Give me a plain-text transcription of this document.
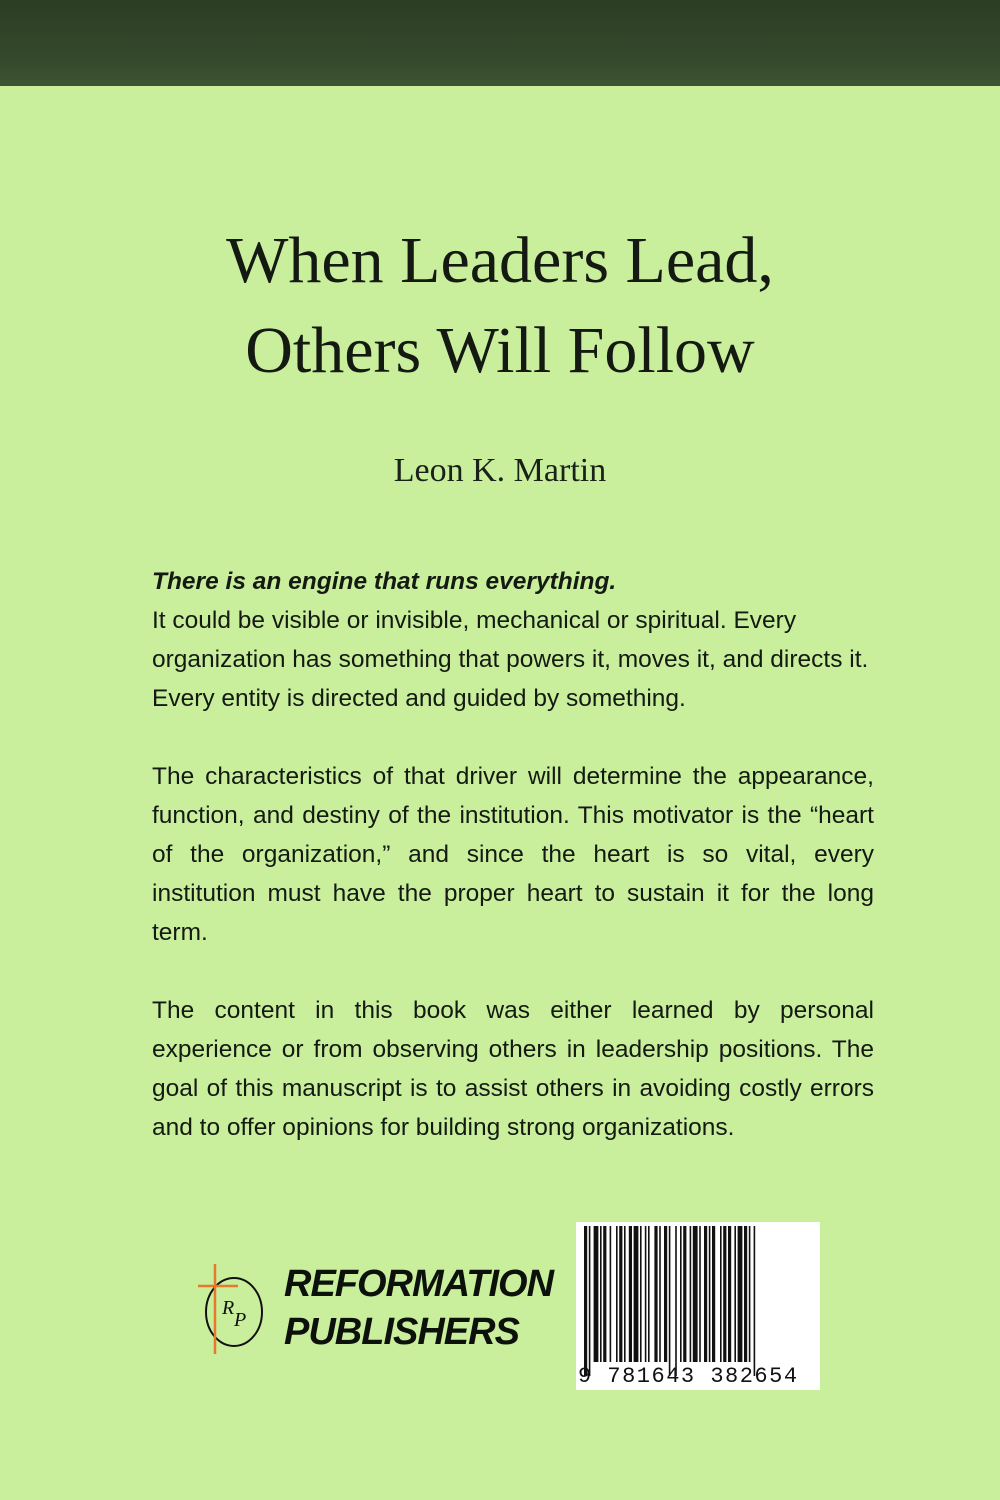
When Leaders Lead,
Others Will Follow
Leon K. Martin

There is an engine that runs everything.
It could be visible or invisible, mechanical or spiritual. Every organization has something that powers it, moves it, and directs it. Every entity is directed and guided by something.

The characteristics of that driver will determine the appearance, function, and destiny of the institution. This motivator is the “heart of the organization,” and since the heart is so vital, every institution must have the proper heart to sustain it for the long term.

The content in this book was either learned by personal experience or from observing others in leadership positions. The goal of this manuscript is to assist others in avoiding costly errors and to offer opinions for building strong organizations.

R
P
REFORMATION
PUBLISHERS
9 781643 382654
